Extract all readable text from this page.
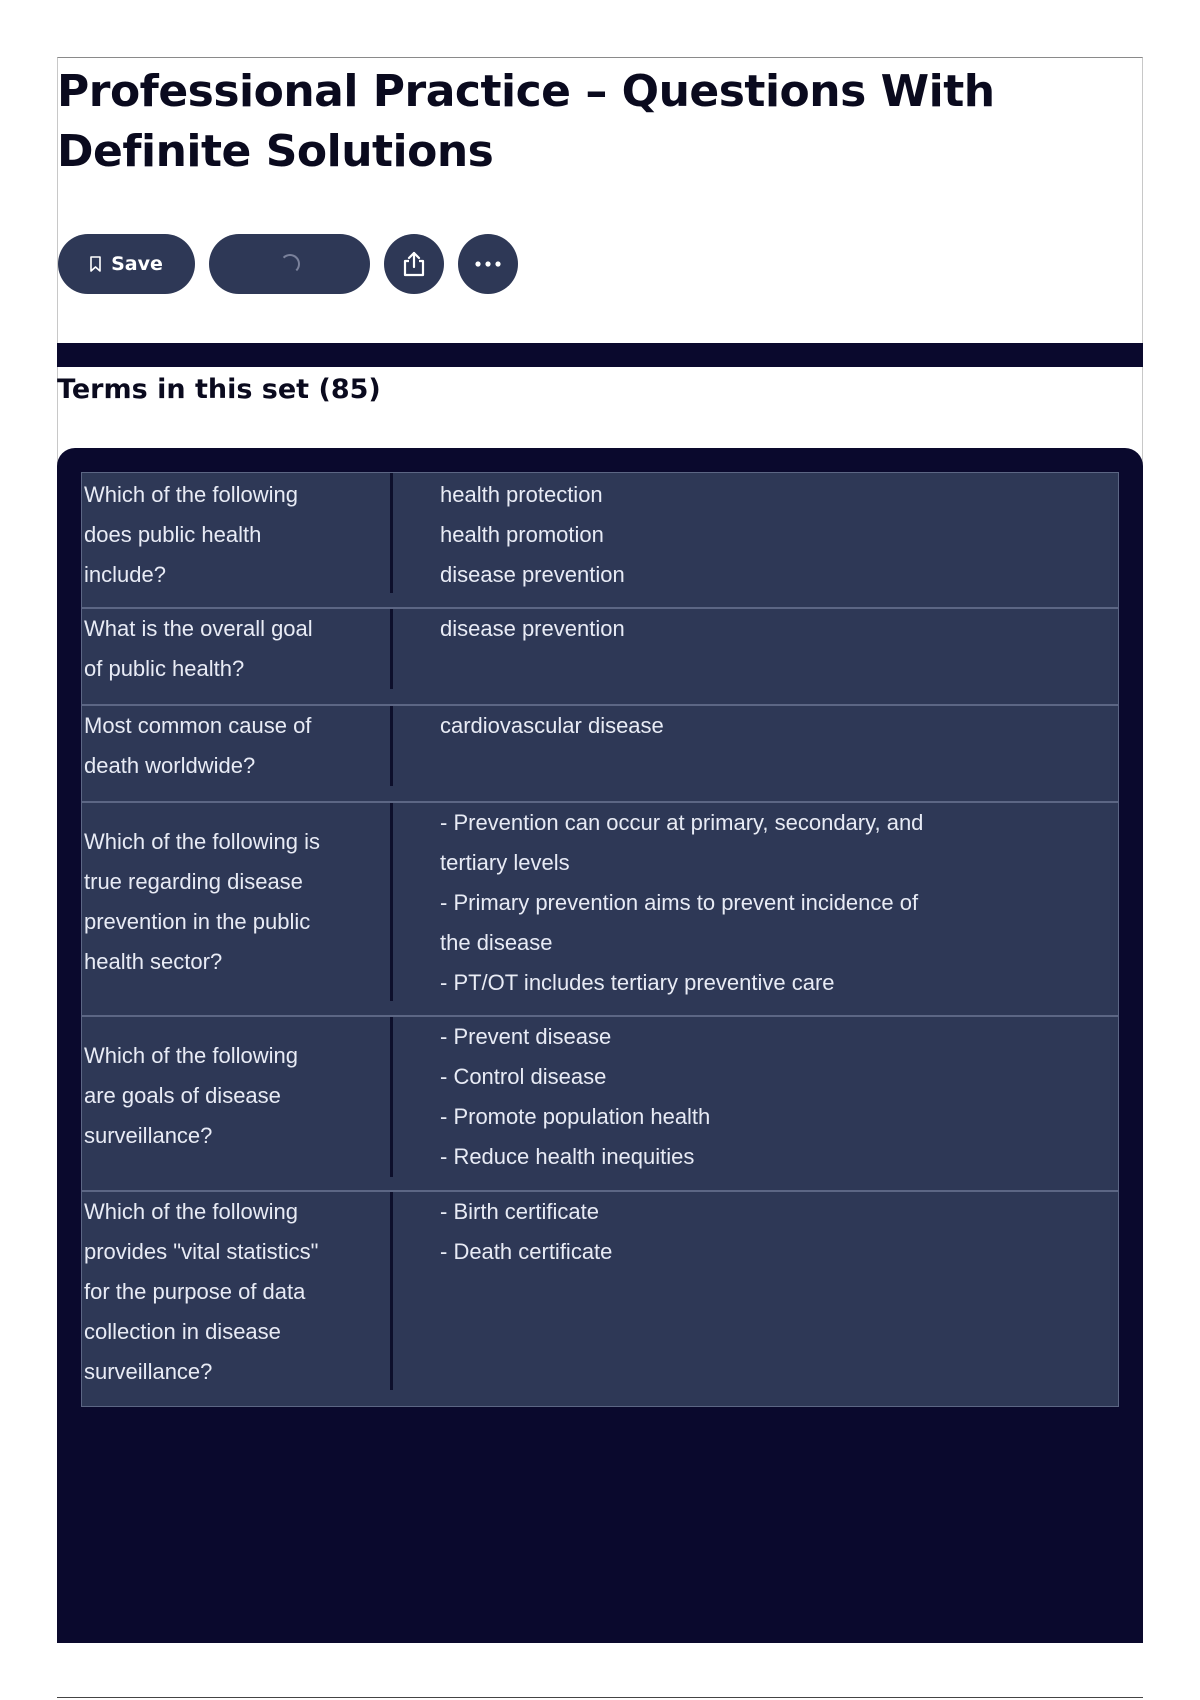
Professional Practice – Questions With Definite Solutions
Save
Terms in this set (85)
Which of the following
does public health
include?
health protection
health promotion
disease prevention
What is the overall goal
of public health?
disease prevention
Most common cause of
death worldwide?
cardiovascular disease
Which of the following is
true regarding disease
prevention in the public
health sector?
- Prevention can occur at primary, secondary, and
tertiary levels
- Primary prevention aims to prevent incidence of
the disease
- PT/OT includes tertiary preventive care
Which of the following
are goals of disease
surveillance?
- Prevent disease
- Control disease
- Promote population health
- Reduce health inequities
Which of the following
provides "vital statistics"
for the purpose of data
collection in disease
surveillance?
- Birth certificate
- Death certificate
